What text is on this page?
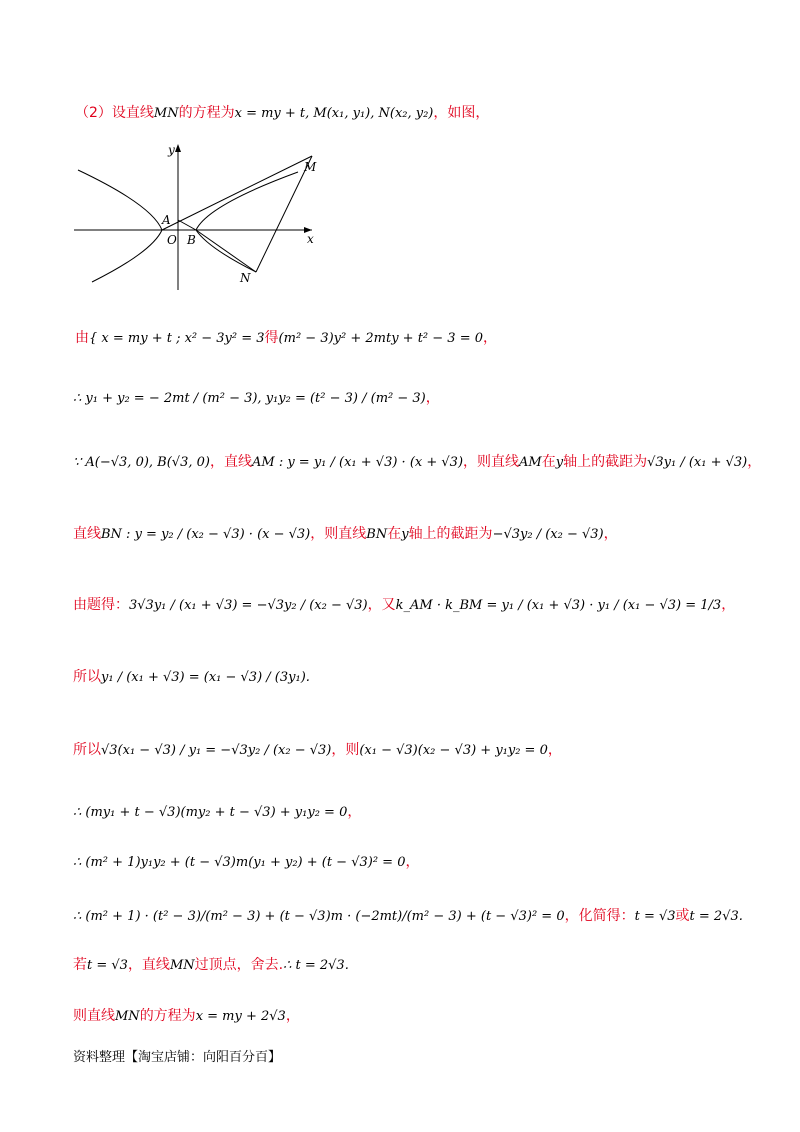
（2）设直线MN的方程为x = my + t, M(x₁, y₁), N(x₂, y₂)，如图，
由{ x = my + t ; x² − 3y² = 3得(m² − 3)y² + 2mty + t² − 3 = 0，
∴ y₁ + y₂ = − 2mt / (m² − 3), y₁y₂ = (t² − 3) / (m² − 3)，
∵ A(−√3, 0), B(√3, 0)，直线AM : y = y₁ / (x₁ + √3) · (x + √3)，则直线AM在y轴上的截距为√3y₁ / (x₁ + √3)，
直线BN : y = y₂ / (x₂ − √3) · (x − √3)，则直线BN在y轴上的截距为−√3y₂ / (x₂ − √3)，
由题得：3√3y₁ / (x₁ + √3) = −√3y₂ / (x₂ − √3)，又k_AM · k_BM = y₁ / (x₁ + √3) · y₁ / (x₁ − √3) = 1/3，
所以y₁ / (x₁ + √3) = (x₁ − √3) / (3y₁).
所以√3(x₁ − √3) / y₁ = −√3y₂ / (x₂ − √3)，则(x₁ − √3)(x₂ − √3) + y₁y₂ = 0，
∴ (my₁ + t − √3)(my₂ + t − √3) + y₁y₂ = 0，
∴ (m² + 1)y₁y₂ + (t − √3)m(y₁ + y₂) + (t − √3)² = 0，
∴ (m² + 1) · (t² − 3)/(m² − 3) + (t − √3)m · (−2mt)/(m² − 3) + (t − √3)² = 0，化简得：t = √3或t = 2√3.
若t = √3，直线MN过顶点，舍去.∴ t = 2√3.
则直线MN的方程为x = my + 2√3，
y
x
O
A
B
M
N
资料整理【淘宝店铺：向阳百分百】
